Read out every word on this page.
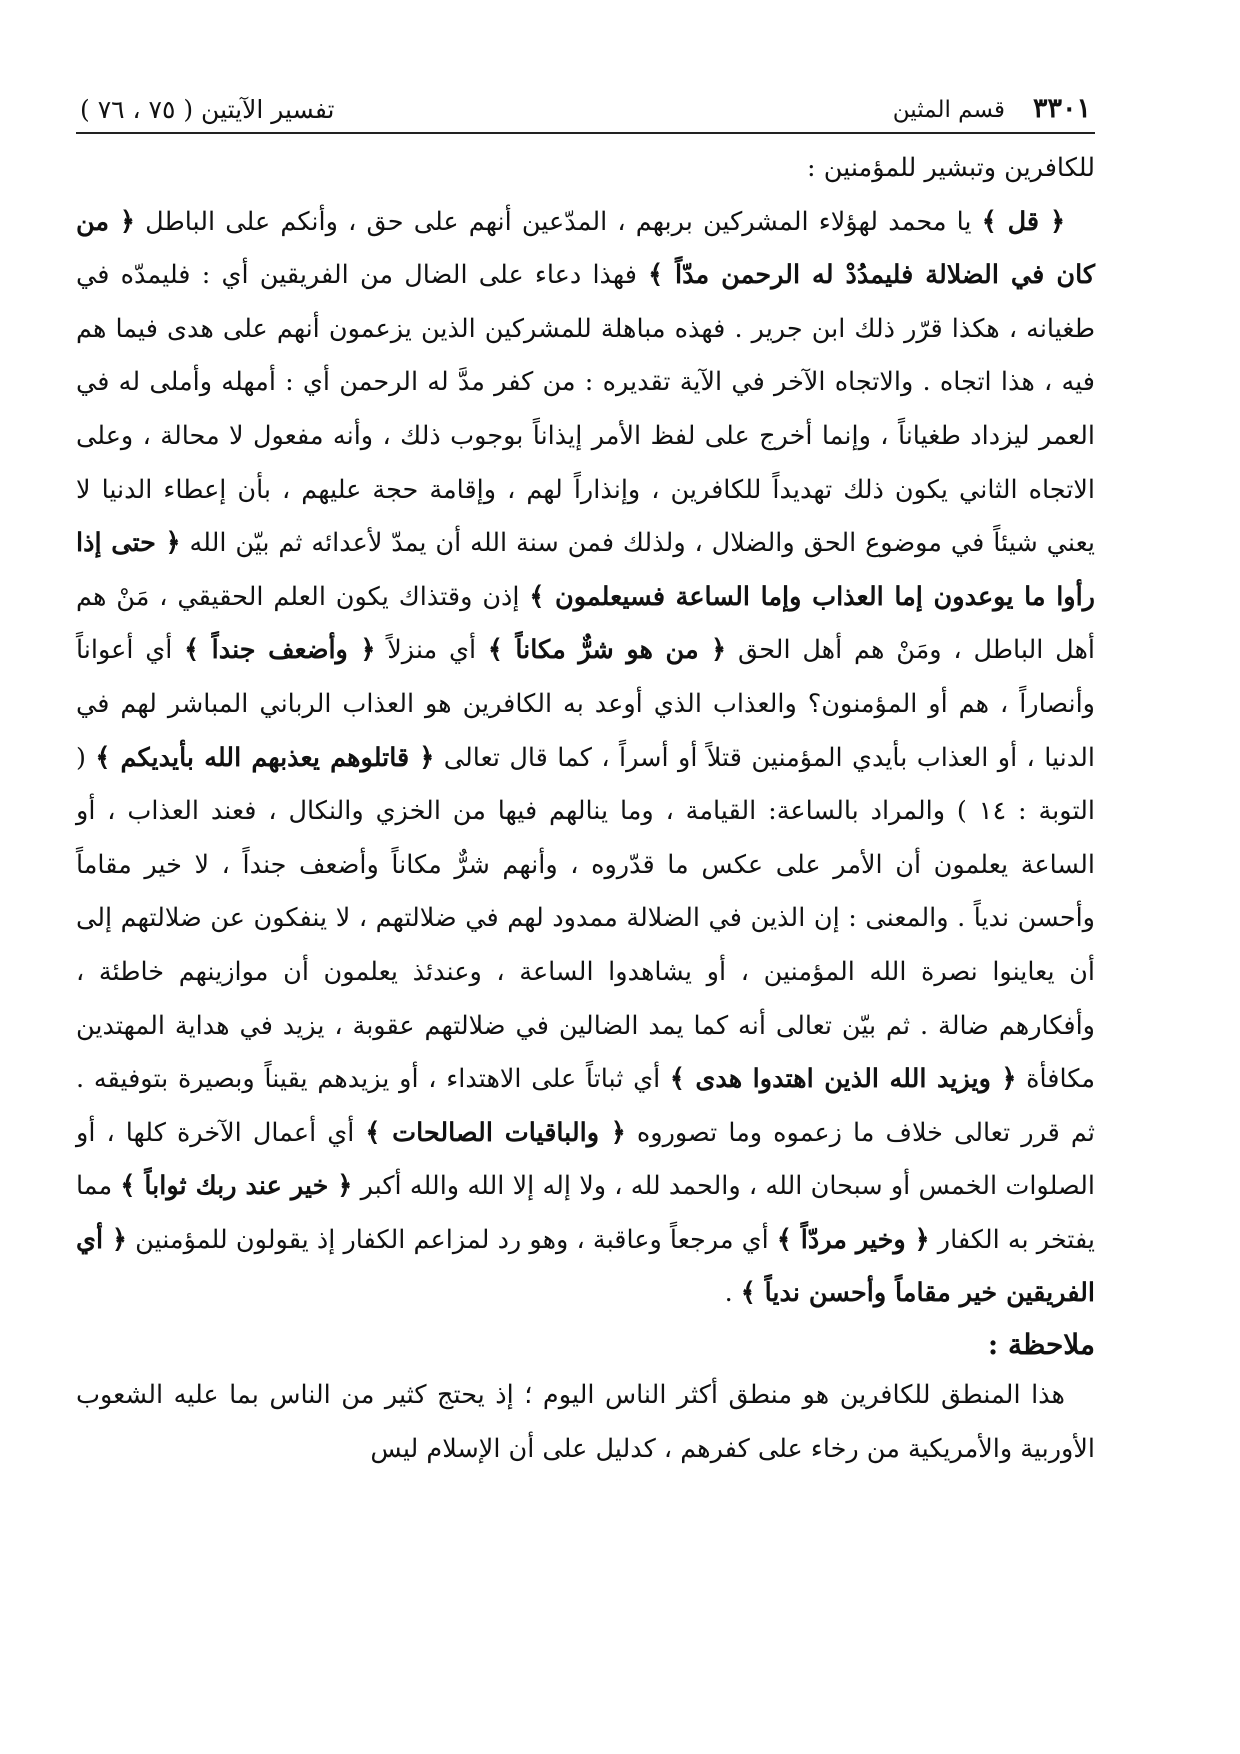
تفسير الآيتين ( ٧٥ ، ٧٦ )	قسم المثين ٣٣٠١

للكافرين وتبشير للمؤمنين :

﴿ قل ﴾ يا محمد لهؤلاء المشركين بربهم ، المدّعين أنهم على حق ، وأنكم على الباطل ﴿ من كان في الضلالة فليمدُدْ له الرحمن مدّاً ﴾ فهذا دعاء على الضال من الفريقين أي : فليمدّه في طغيانه ، هكذا قرّر ذلك ابن جرير . فهذه مباهلة للمشركين الذين يزعمون أنهم على هدى فيما هم فيه ، هذا اتجاه . والاتجاه الآخر في الآية تقديره : من كفر مدَّ له الرحمن أي : أمهله وأملى له في العمر ليزداد طغياناً ، وإنما أخرج على لفظ الأمر إيذاناً بوجوب ذلك ، وأنه مفعول لا محالة ، وعلى الاتجاه الثاني يكون ذلك تهديداً للكافرين ، وإنذاراً لهم ، وإقامة حجة عليهم ، بأن إعطاء الدنيا لا يعني شيئاً في موضوع الحق والضلال ، ولذلك فمن سنة الله أن يمدّ لأعدائه ثم بيّن الله ﴿ حتى إذا رأوا ما يوعدون إما العذاب وإما الساعة فسيعلمون ﴾ إذن وقتذاك يكون العلم الحقيقي ، مَنْ هم أهل الباطل ، ومَنْ هم أهل الحق ﴿ من هو شرٌّ مكاناً ﴾ أي منزلاً ﴿ وأضعف جنداً ﴾ أي أعواناً وأنصاراً ، هم أو المؤمنون؟ والعذاب الذي أوعد به الكافرين هو العذاب الرباني المباشر لهم في الدنيا ، أو العذاب بأيدي المؤمنين قتلاً أو أسراً ، كما قال تعالى ﴿ قاتلوهم يعذبهم الله بأيديكم ﴾ ( التوبة : ١٤ ) والمراد بالساعة: القيامة ، وما ينالهم فيها من الخزي والنكال ، فعند العذاب ، أو الساعة يعلمون أن الأمر على عكس ما قدّروه ، وأنهم شرٌّ مكاناً وأضعف جنداً ، لا خير مقاماً وأحسن ندياً . والمعنى : إن الذين في الضلالة ممدود لهم في ضلالتهم ، لا ينفكون عن ضلالتهم إلى أن يعاينوا نصرة الله المؤمنين ، أو يشاهدوا الساعة ، وعندئذ يعلمون أن موازينهم خاطئة ، وأفكارهم ضالة . ثم بيّن تعالى أنه كما يمد الضالين في ضلالتهم عقوبة ، يزيد في هداية المهتدين مكافأة ﴿ ويزيد الله الذين اهتدوا هدى ﴾ أي ثباتاً على الاهتداء ، أو يزيدهم يقيناً وبصيرة بتوفيقه . ثم قرر تعالى خلاف ما زعموه وما تصوروه ﴿ والباقيات الصالحات ﴾ أي أعمال الآخرة كلها ، أو الصلوات الخمس أو سبحان الله ، والحمد لله ، ولا إله إلا الله والله أكبر ﴿ خير عند ربك ثواباً ﴾ مما يفتخر به الكفار ﴿ وخير مردّاً ﴾ أي مرجعاً وعاقبة ، وهو رد لمزاعم الكفار إذ يقولون للمؤمنين ﴿ أي الفريقين خير مقاماً وأحسن ندياً ﴾ .

ملاحظة :

هذا المنطق للكافرين هو منطق أكثر الناس اليوم ؛ إذ يحتج كثير من الناس بما عليه الشعوب الأوربية والأمريكية من رخاء على كفرهم ، كدليل على أن الإسلام ليس
